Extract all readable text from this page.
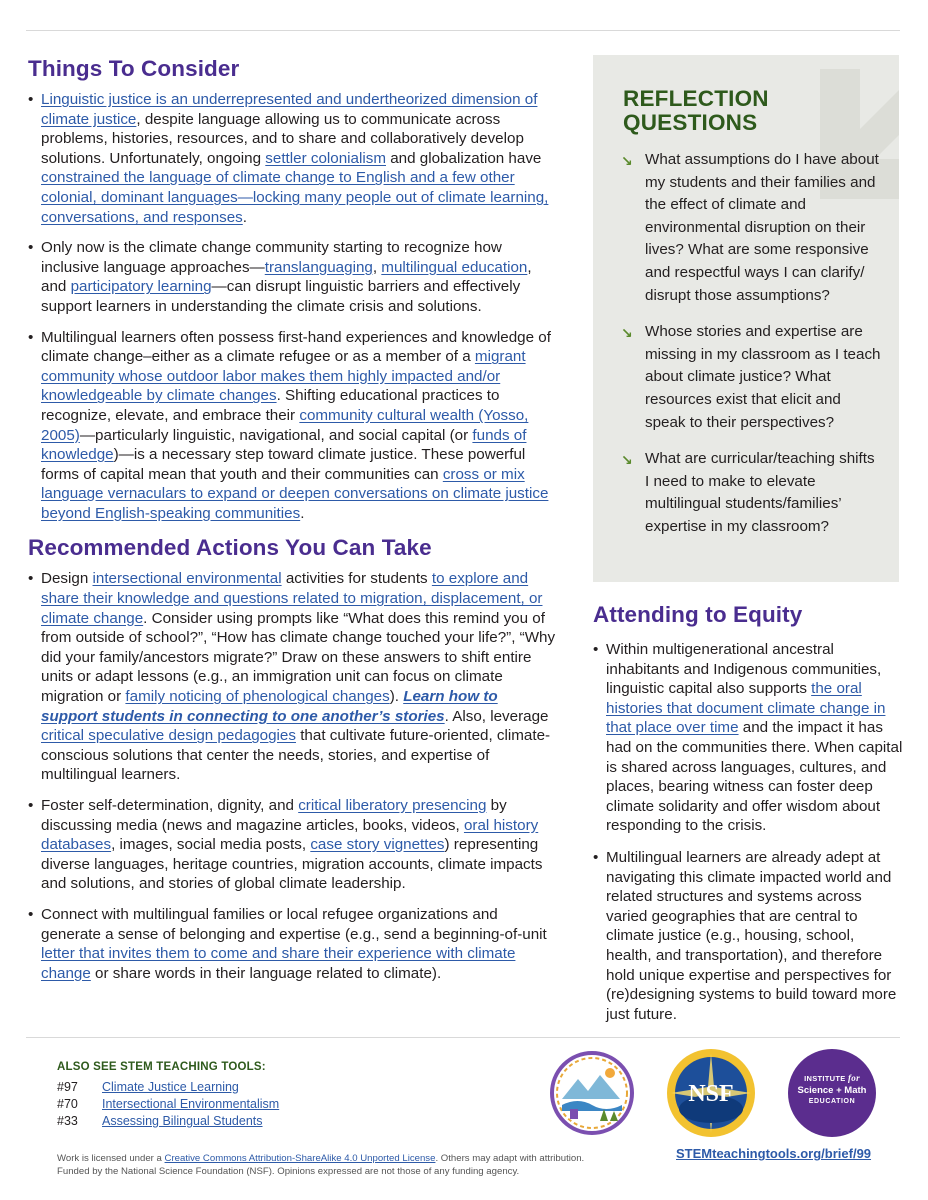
Things To Consider
• Linguistic justice is an underrepresented and undertheorized dimension of climate justice, despite language allowing us to communicate across problems, histories, resources, and to share and collaboratively develop solutions. Unfortunately, ongoing settler colonialism and globalization have constrained the language of climate change to English and a few other colonial, dominant languages—locking many people out of climate learning, conversations, and responses.
• Only now is the climate change community starting to recognize how inclusive language approaches—translanguaging, multilingual education, and participatory learning—can disrupt linguistic barriers and effectively support learners in understanding the climate crisis and solutions.
• Multilingual learners often possess first-hand experiences and knowledge of climate change–either as a climate refugee or as a member of a migrant community whose outdoor labor makes them highly impacted and/or knowledgeable by climate changes. Shifting educational practices to recognize, elevate, and embrace their community cultural wealth (Yosso, 2005)—particularly linguistic, navigational, and social capital (or funds of knowledge)—is a necessary step toward climate justice. These powerful forms of capital mean that youth and their communities can cross or mix language vernaculars to expand or deepen conversations on climate justice beyond English-speaking communities.
Recommended Actions You Can Take
• Design intersectional environmental activities for students to explore and share their knowledge and questions related to migration, displacement, or climate change. Consider using prompts like “What does this remind you of from outside of school?”, “How has climate change touched your life?”, “Why did your family/ancestors migrate?” Draw on these answers to shift entire units or adapt lessons (e.g., an immigration unit can focus on climate migration or family noticing of phenological changes). Learn how to support students in connecting to one another’s stories. Also, leverage critical speculative design pedagogies that cultivate future-oriented, climate-conscious solutions that center the needs, stories, and expertise of multilingual learners.
• Foster self-determination, dignity, and critical liberatory presencing by discussing media (news and magazine articles, books, videos, oral history databases, images, social media posts, case story vignettes) representing diverse languages, heritage countries, migration accounts, climate impacts and solutions, and stories of global climate leadership.
• Connect with multilingual families or local refugee organizations and generate a sense of belonging and expertise (e.g., send a beginning-of-unit letter that invites them to come and share their experience with climate change or share words in their language related to climate).
REFLECTION
QUESTIONS
↘ What assumptions do I have about my students and their families and the effect of climate and environmental disruption on their lives? What are some responsive and respectful ways I can clarify/ disrupt those assumptions?
↘ Whose stories and expertise are missing in my classroom as I teach about climate justice? What resources exist that elicit and speak to their perspectives?
↘ What are curricular/teaching shifts I need to make to elevate multilingual students/families’ expertise in my classroom?
Attending to Equity
• Within multigenerational ancestral inhabitants and Indigenous communities, linguistic capital also supports the oral histories that document climate change in that place over time and the impact it has had on the communities there. When capital is shared across languages, cultures, and places, bearing witness can foster deep climate solidarity and offer wisdom about responding to the crisis.
• Multilingual learners are already adept at navigating this climate impacted world and related structures and systems across varied geographies that are central to climate justice (e.g., housing, school, health, and transportation), and therefore hold unique expertise and perspectives for (re)designing systems to build toward more just future.
ALSO SEE STEM TEACHING TOOLS:
#97	Climate Justice Learning
#70	Intersectional Environmentalism
#33	Assessing Bilingual Students
NSF
INSTITUTE for
Science + Math
EDUCATION
Work is licensed under a Creative Commons Attribution-ShareAlike 4.0 Unported License. Others may adapt with attribution.
Funded by the National Science Foundation (NSF). Opinions expressed are not those of any funding agency.
STEMteachingtools.org/brief/99
